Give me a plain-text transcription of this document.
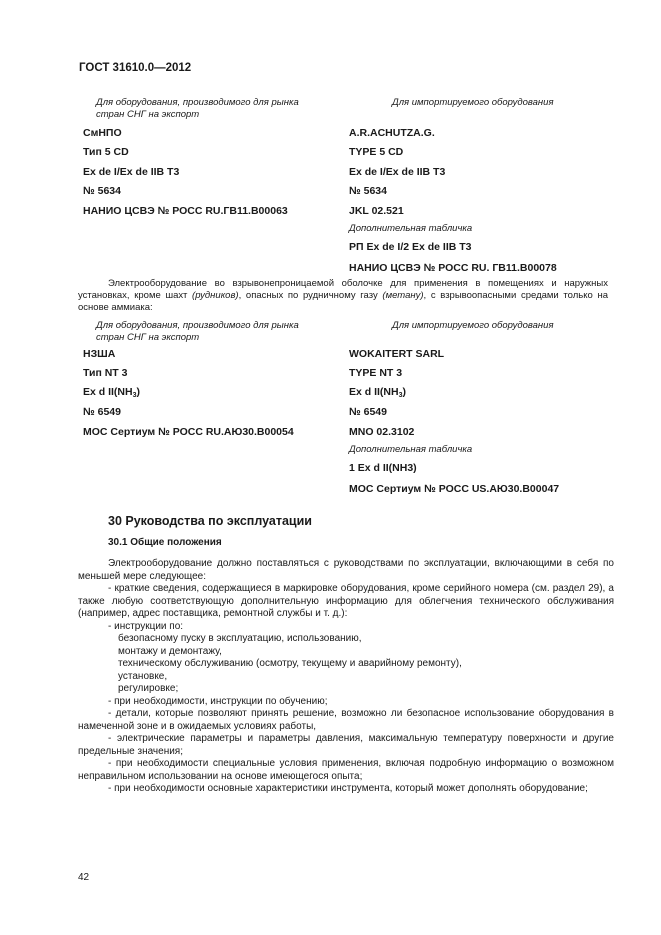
ГОСТ 31610.0—2012
Для оборудования, производимого для рынка стран СНГ на экспорт
Для импортируемого оборудования
СмНПО
Тип 5 CD
Ex de I/Ex de IIB T3
№ 5634
НАНИО ЦСВЭ № РОСС RU.ГВ11.В00063
A.R.ACHUTZA.G.
TYPE 5 CD
Ex de I/Ex de IIB T3
№ 5634
JKL 02.521
Дополнительная табличка
РП Ex de I/2 Ex de IIB T3
НАНИО ЦСВЭ № РОСС RU. ГВ11.В00078
Электрооборудование во взрывонепроницаемой оболочке для применения в помещениях и наружных установках, кроме шахт (рудников), опасных по рудничному газу (метану), с взрывоопасными средами только на основе аммиака:
Для оборудования, производимого для рынка стран СНГ на экспорт
Для импортируемого оборудования
НЗША
Тип NT 3
Ex d $II(NH_3)$
№ 6549
МОС Сертиум № РОСС RU.АЮ30.В00054
WOKAITERT SARL
TYPE NT 3
Ex d $II(NH_3)$
№ 6549
MNO 02.3102
Дополнительная табличка
1 Ex d II(NH3)
МОС Сертиум № РОСС US.АЮ30.В00047
30 Руководства по эксплуатации
30.1 Общие положения

Электрооборудование должно поставляться с руководствами по эксплуатации, включающими в себя по меньшей мере следующее:

- краткие сведения, содержащиеся в маркировке оборудования, кроме серийного номера (см. раздел 29), а также любую соответствующую дополнительную информацию для облегчения технического обслуживания (например, адрес поставщика, ремонтной службы и т. д.):

- инструкции по:

безопасному пуску в эксплуатацию, использованию,

монтажу и демонтажу,

техническому обслуживанию (осмотру, текущему и аварийному ремонту),

установке,

регулировке;

- при необходимости, инструкции по обучению;

- детали, которые позволяют принять решение, возможно ли безопасное использование оборудования в намеченной зоне и в ожидаемых условиях работы,

- электрические параметры и параметры давления, максимальную температуру поверхности и другие предельные значения;

- при необходимости специальные условия применения, включая подробную информацию о возможном неправильном использовании на основе имеющегося опыта;

- при необходимости основные характеристики инструмента, который может дополнять оборудование;

42
